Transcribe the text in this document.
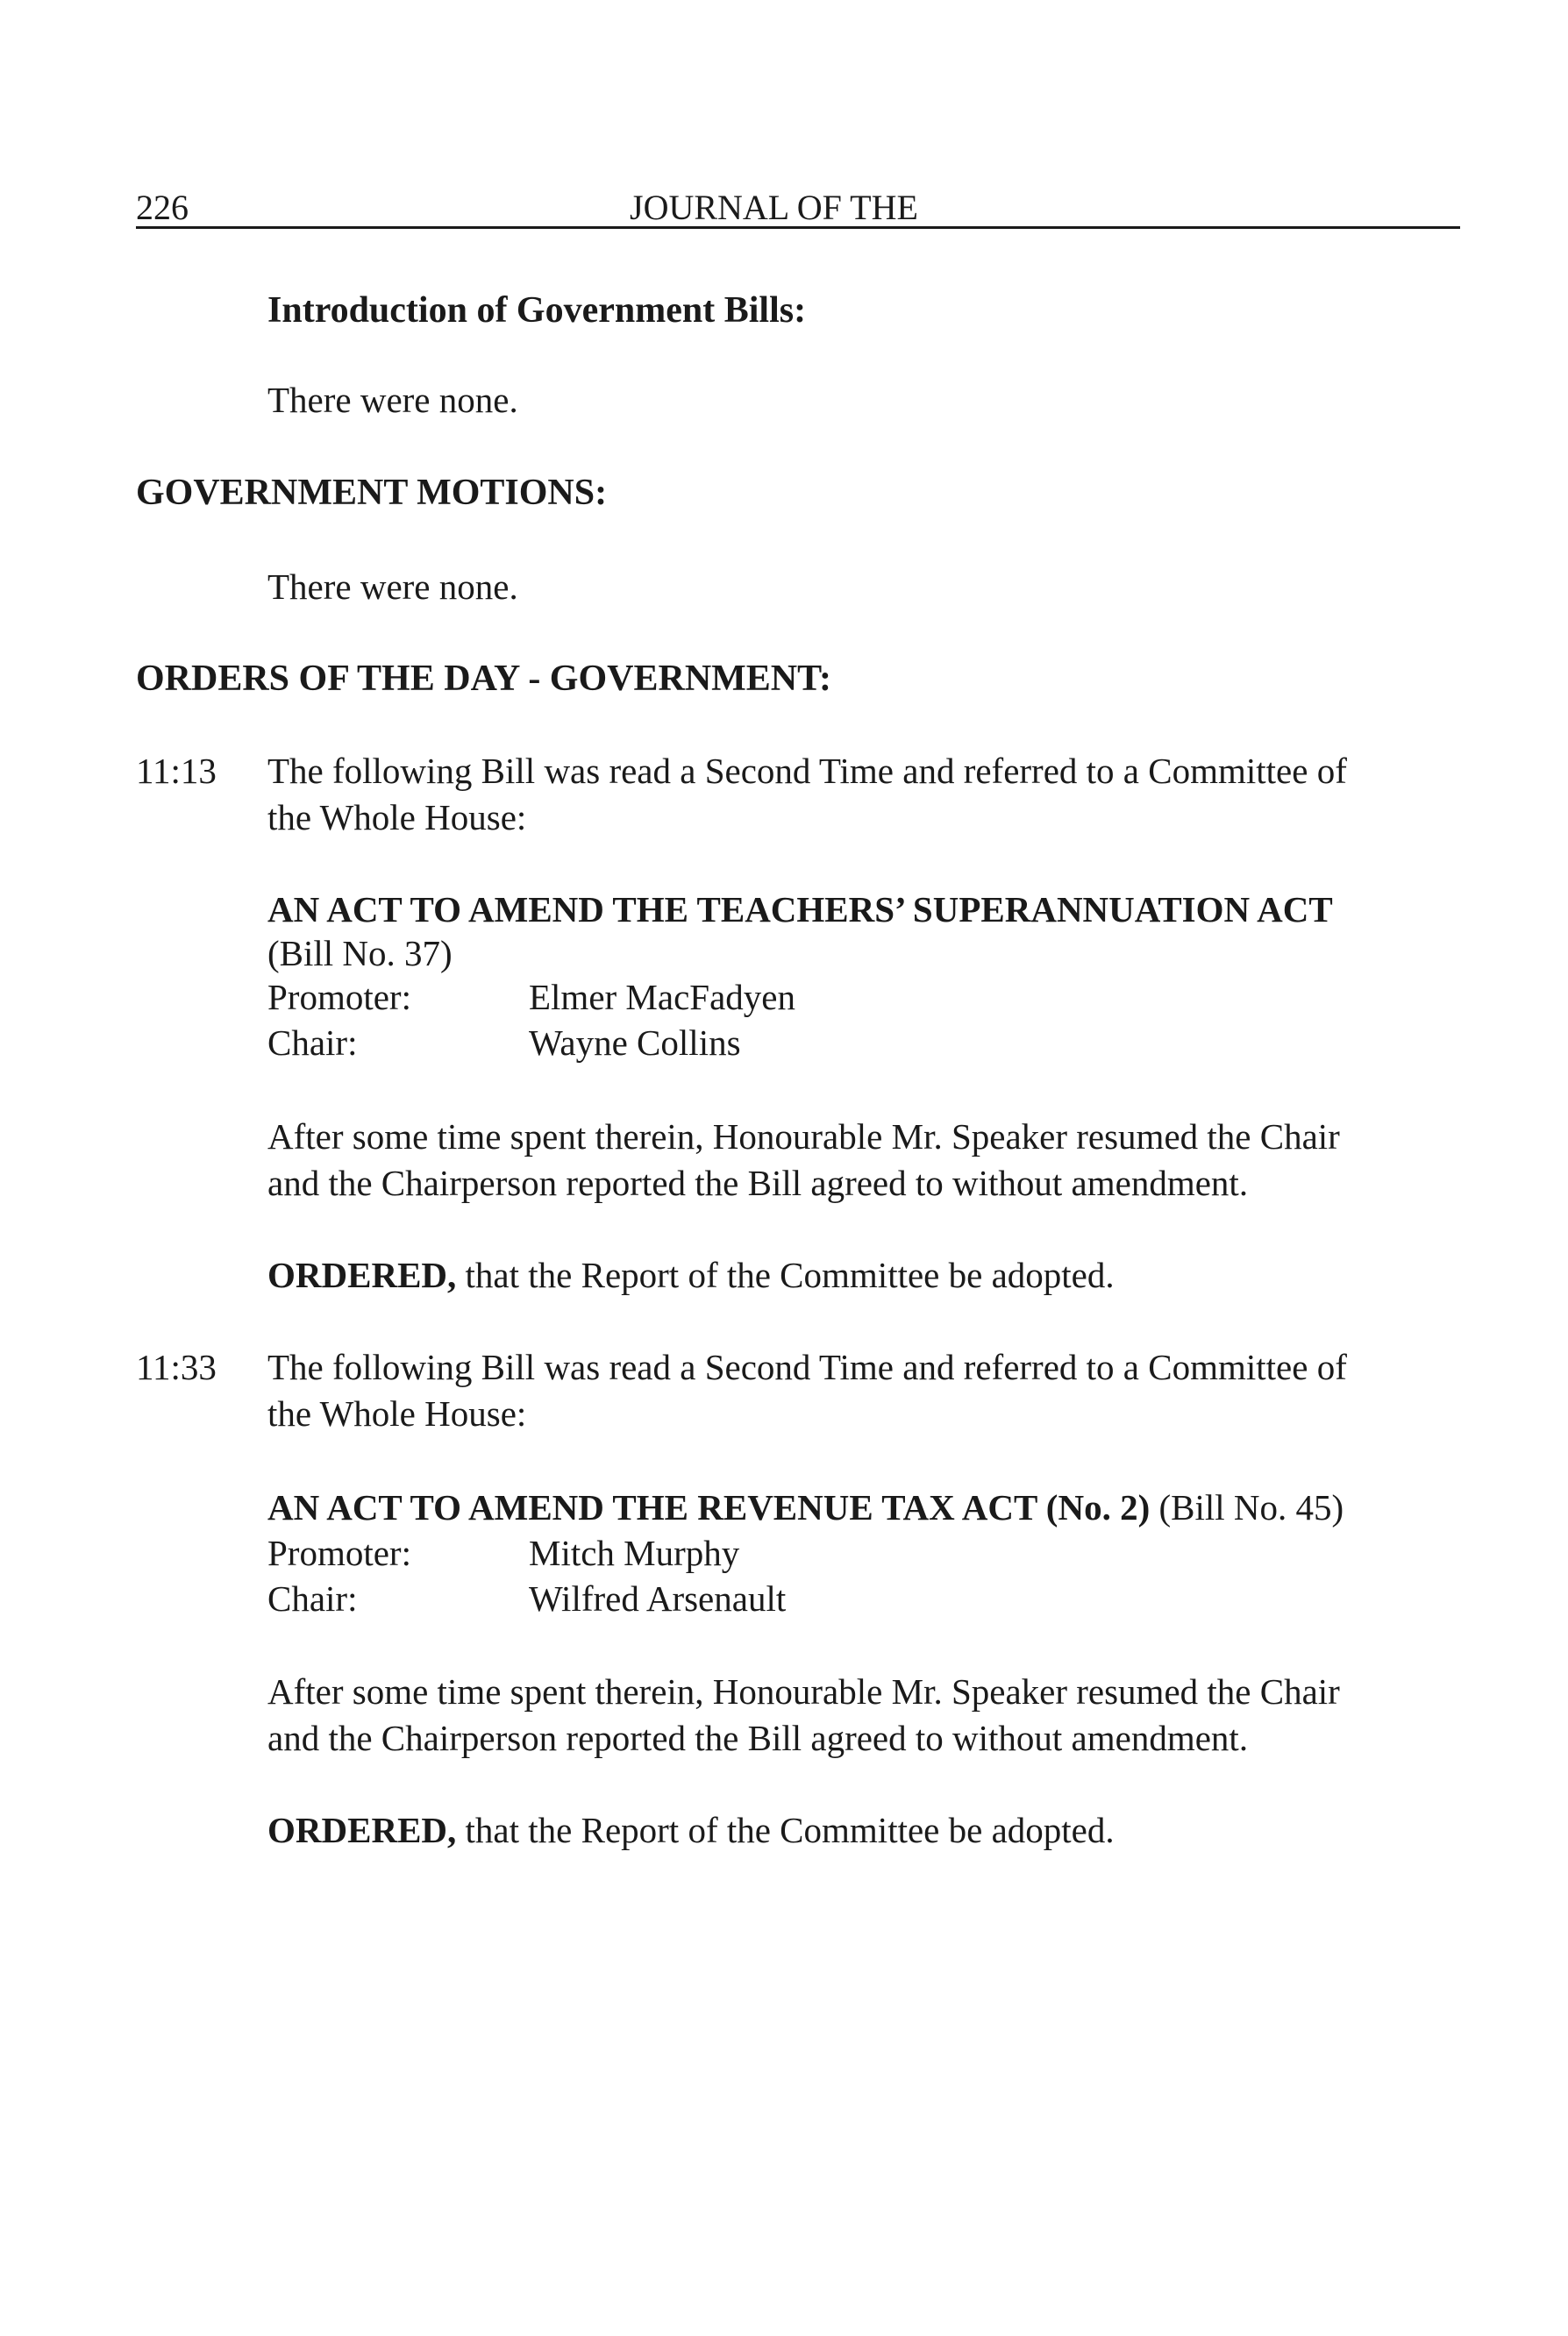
226	JOURNAL OF THE
Introduction of Government Bills:
There were none.
GOVERNMENT MOTIONS:
There were none.
ORDERS OF THE DAY - GOVERNMENT:
11:13 The following Bill was read a Second Time and referred to a Committee of
the Whole House:
AN ACT TO AMEND THE TEACHERS’ SUPERANNUATION ACT
(Bill No. 37)
Promoter:	Elmer MacFadyen
Chair:	Wayne Collins
After some time spent therein, Honourable Mr. Speaker resumed the Chair
and the Chairperson reported the Bill agreed to without amendment.
ORDERED, that the Report of the Committee be adopted.
11:33 The following Bill was read a Second Time and referred to a Committee of
the Whole House:
AN ACT TO AMEND THE REVENUE TAX ACT (No. 2) (Bill No. 45)
Promoter:	Mitch Murphy
Chair:	Wilfred Arsenault
After some time spent therein, Honourable Mr. Speaker resumed the Chair
and the Chairperson reported the Bill agreed to without amendment.
ORDERED, that the Report of the Committee be adopted.
